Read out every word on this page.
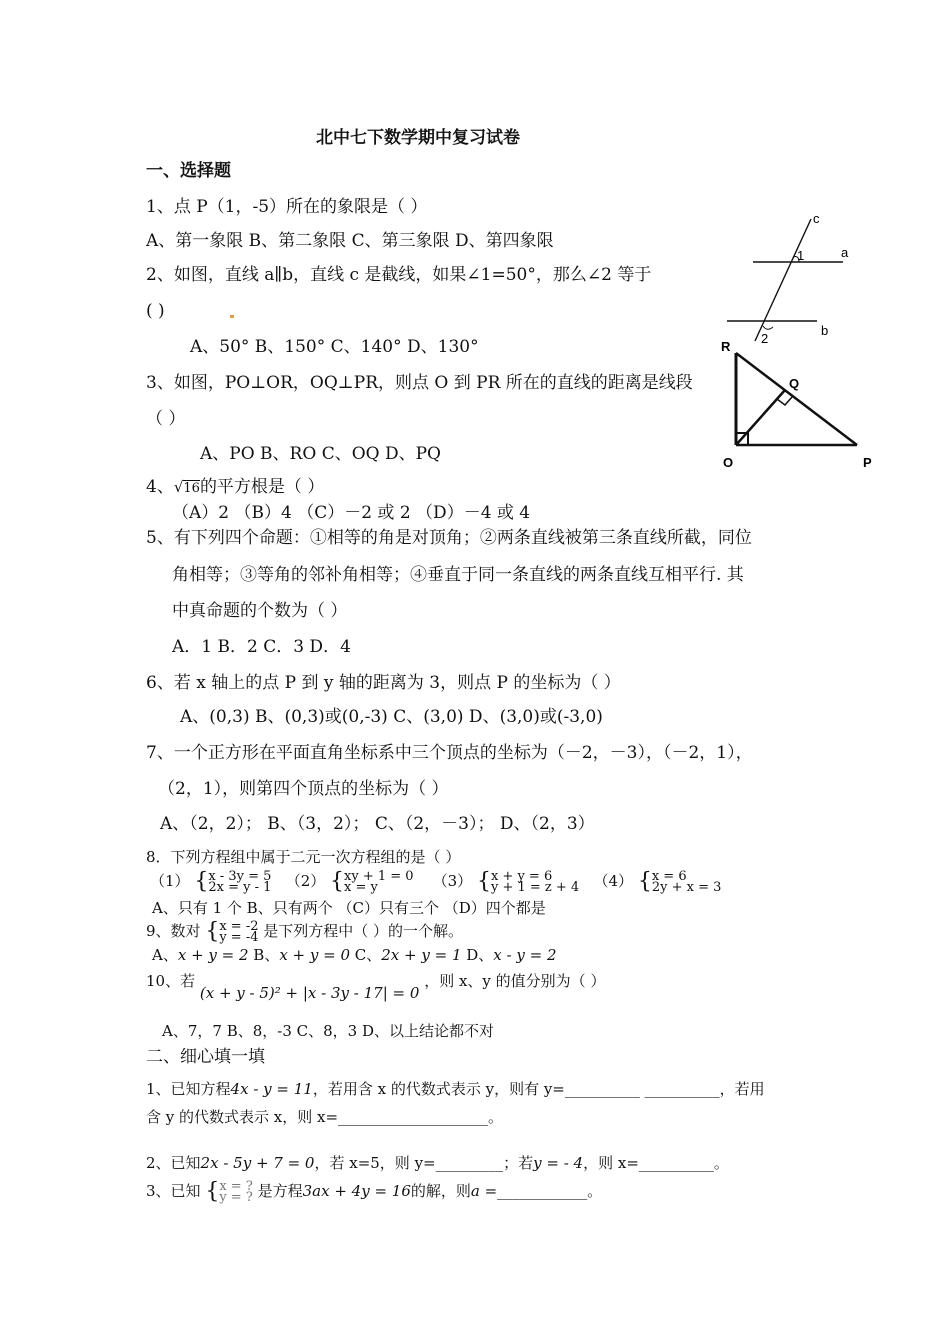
北中七下数学期中复习试卷
一、选择题
1、点 P（1，-5）所在的象限是（ ）
A、第一象限 B、第二象限 C、第三象限 D、第四象限
2、如图，直线 a∥b，直线 c 是截线，如果∠1=50°，那么∠2 等于
( )
A、50° B、150° C、140° D、130°
3、如图，PO⊥OR，OQ⊥PR，则点 O 到 PR 所在的直线的距离是线段
（ ）
A、PO B、RO C、OQ D、PQ
4、√16的平方根是（ ）
（A）2 （B）4 （C）－2 或 2 （D）－4 或 4
5、有下列四个命题：①相等的角是对顶角；②两条直线被第三条直线所截，同位
角相等；③等角的邻补角相等；④垂直于同一条直线的两条直线互相平行. 其
中真命题的个数为（ ）
A．1 B．2 C．3 D．4
6、若 x 轴上的点 P 到 y 轴的距离为 3，则点 P 的坐标为（ ）
A、(0,3) B、(0,3)或(0,-3) C、(3,0) D、(3,0)或(-3,0)
7、一个正方形在平面直角坐标系中三个顶点的坐标为（－2，－3），（－2，1），
（2，1），则第四个顶点的坐标为（ ）
A、（2，2）； B、（3，2）； C、（2，－3）； D、（2，3）
8．下列方程组中属于二元一次方程组的是（ ）
（1） {x - 3y = 5
2x = y - 1 （2） {xy + 1 = 0
x = y	（3） {x + y = 6
y + 1 = z + 4 （4） {x = 6
2y + x = 3
A、只有 1 个 B、只有两个 （C）只有三个 （D）四个都是
9、数对 {x = -2
y = -4 是下列方程中（ ）的一个解。
A、x + y = 2 B、x + y = 0 C、2x + y = 1 D、x - y = 2
10、若 (x + y - 5)² + |x - 3y - 17| = 0 ，则 x、y 的值分别为（ ）
A、7，7 B、8，-3 C、8，3 D、以上结论都不对
二、细心填一填
1、已知方程4x - y = 11，若用含 x 的代数式表示 y，则有 y=__________ __________，若用
含 y 的代数式表示 x，则 x=____________________。
2、已知2x - 5y + 7 = 0，若 x=5，则 y=_________；若y = - 4，则 x=__________。
3、已知 {x = ?
y = ? 是方程3ax + 4y = 16的解，则a =____________。
c
a
b
1
2
R
Q
O	P
